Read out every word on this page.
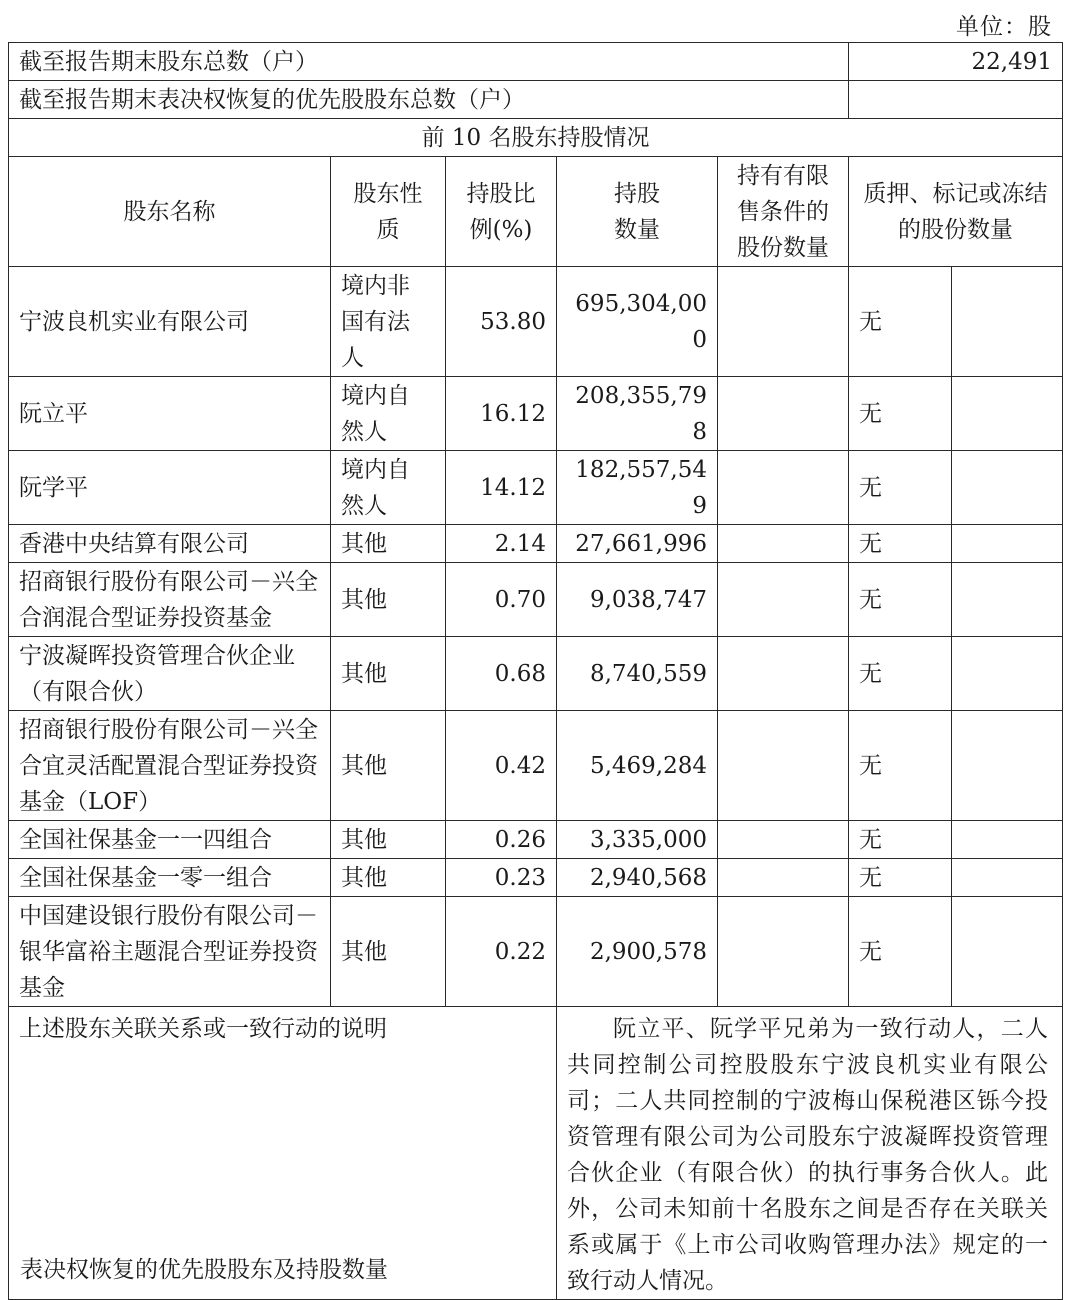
单位：股
截至报告期末股东总数（户）					22,491	
截至报告期末表决权恢复的优先股股东总数（户）						
前 10 名股东持股情况						
股东名称	股东性质	持股比例(%)	持股数量	持有有限售条件的股份数量	质押、标记或冻结的股份数量	
宁波良机实业有限公司	境内非国有法人	53.80	695,304,000		无	
阮立平	境内自然人	16.12	208,355,798		无	
阮学平	境内自然人	14.12	182,557,549		无	
香港中央结算有限公司	其他	2.14	27,661,996		无	
招商银行股份有限公司－兴全合润混合型证券投资基金	其他	0.70	9,038,747		无	
宁波凝晖投资管理合伙企业（有限合伙）	其他	0.68	8,740,559		无	
招商银行股份有限公司－兴全合宜灵活配置混合型证券投资基金（LOF）	其他	0.42	5,469,284		无	
全国社保基金一一四组合	其他	0.26	3,335,000		无	
全国社保基金一零一组合	其他	0.23	2,940,568		无	
中国建设银行股份有限公司－银华富裕主题混合型证券投资基金	其他	0.22	2,900,578		无	
上述股东关联关系或一致行动的说明			阮立平、阮学平兄弟为一致行动人，二人共同控制公司控股股东宁波良机实业有限公司；二人共同控制的宁波梅山保税港区铄今投资管理有限公司为公司股东宁波凝晖投资管理合伙企业（有限合伙）的执行事务合伙人。此外，公司未知前十名股东之间是否存在关联关系或属于《上市公司收购管理办法》规定的一致行动人情况。			
表决权恢复的优先股股东及持股数量
